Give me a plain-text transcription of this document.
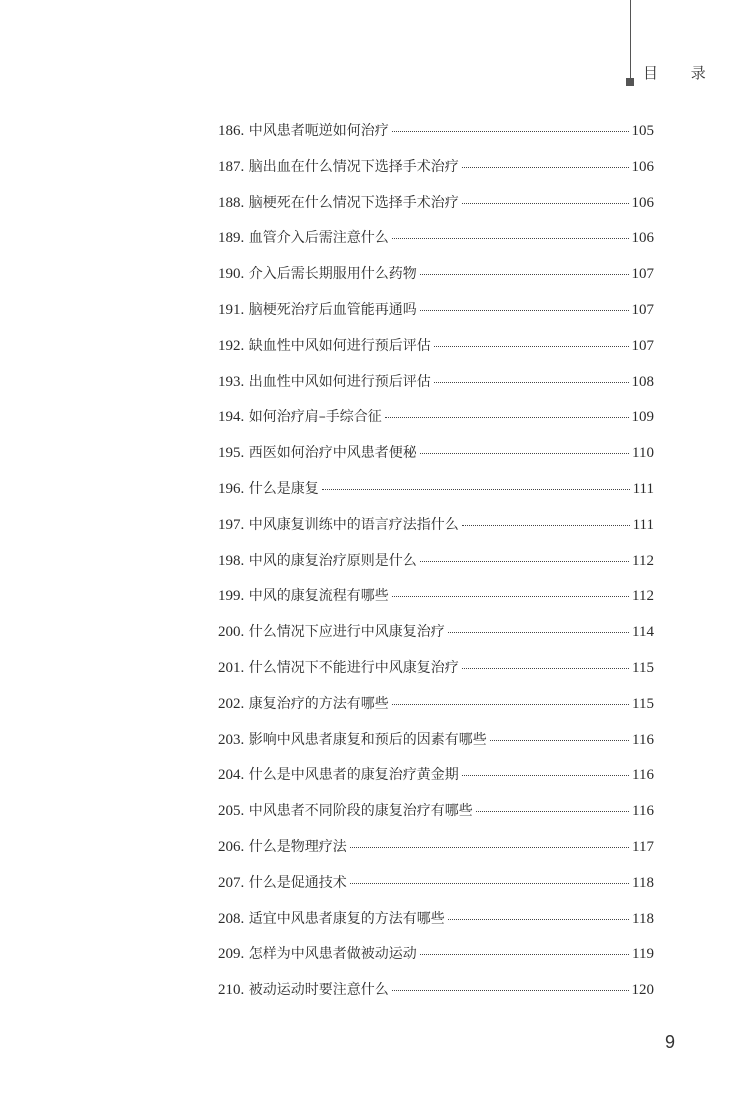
目 录
186. 中风患者呃逆如何治疗	105
187. 脑出血在什么情况下选择手术治疗	106
188. 脑梗死在什么情况下选择手术治疗	106
189. 血管介入后需注意什么	106
190. 介入后需长期服用什么药物	107
191. 脑梗死治疗后血管能再通吗	107
192. 缺血性中风如何进行预后评估	107
193. 出血性中风如何进行预后评估	108
194. 如何治疗肩–手综合征	109
195. 西医如何治疗中风患者便秘	110
196. 什么是康复	111
197. 中风康复训练中的语言疗法指什么	111
198. 中风的康复治疗原则是什么	112
199. 中风的康复流程有哪些	112
200. 什么情况下应进行中风康复治疗	114
201. 什么情况下不能进行中风康复治疗	115
202. 康复治疗的方法有哪些	115
203. 影响中风患者康复和预后的因素有哪些	116
204. 什么是中风患者的康复治疗黄金期	116
205. 中风患者不同阶段的康复治疗有哪些	116
206. 什么是物理疗法	117
207. 什么是促通技术	118
208. 适宜中风患者康复的方法有哪些	118
209. 怎样为中风患者做被动运动	119
210. 被动运动时要注意什么	120
9
